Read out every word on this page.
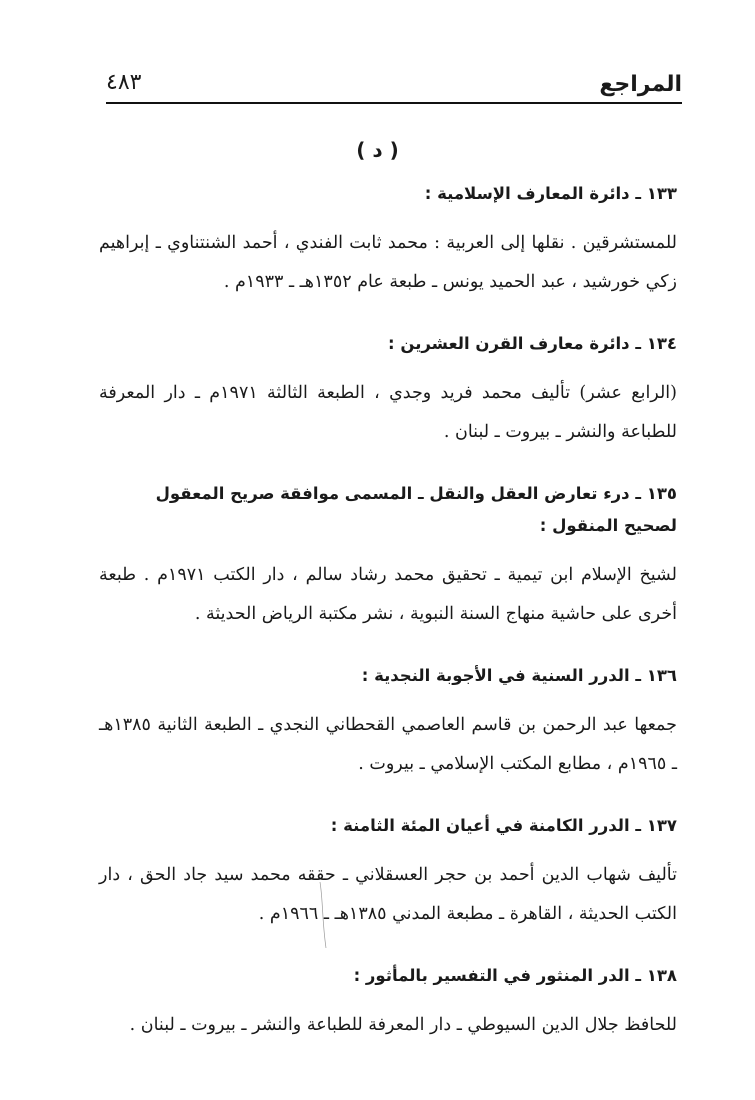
المراجع
٤٨٣
( د )
١٣٣ ـ دائرة المعارف الإسلامية :
للمستشرقين . نقلها إلى العربية : محمد ثابت الفندي ، أحمد الشنتناوي ـ إبراهيم زكي خورشيد ، عبد الحميد يونس ـ طبعة عام ١٣٥٢هـ ـ ١٩٣٣م .
١٣٤ ـ دائرة معارف القرن العشرين :
(الرابع عشر) تأليف محمد فريد وجدي ، الطبعة الثالثة ١٩٧١م ـ دار المعرفة للطباعة والنشر ـ بيروت ـ لبنان .
١٣٥ ـ درء تعارض العقل والنقل ـ المسمى موافقة صريح المعقول لصحيح المنقول :
لشيخ الإسلام ابن تيمية ـ تحقيق محمد رشاد سالم ، دار الكتب ١٩٧١م . طبعة أخرى على حاشية منهاج السنة النبوية ، نشر مكتبة الرياض الحديثة .
١٣٦ ـ الدرر السنية في الأجوبة النجدية :
جمعها عبد الرحمن بن قاسم العاصمي القحطاني النجدي ـ الطبعة الثانية ١٣٨٥هـ ـ ١٩٦٥م ، مطابع المكتب الإسلامي ـ بيروت .
١٣٧ ـ الدرر الكامنة في أعيان المئة الثامنة :
تأليف شهاب الدين أحمد بن حجر العسقلاني ـ حققه محمد سيد جاد الحق ، دار الكتب الحديثة ، القاهرة ـ مطبعة المدني ١٣٨٥هـ ـ ١٩٦٦م .
١٣٨ ـ الدر المنثور في التفسير بالمأثور :
للحافظ جلال الدين السيوطي ـ دار المعرفة للطباعة والنشر ـ بيروت ـ لبنان .
